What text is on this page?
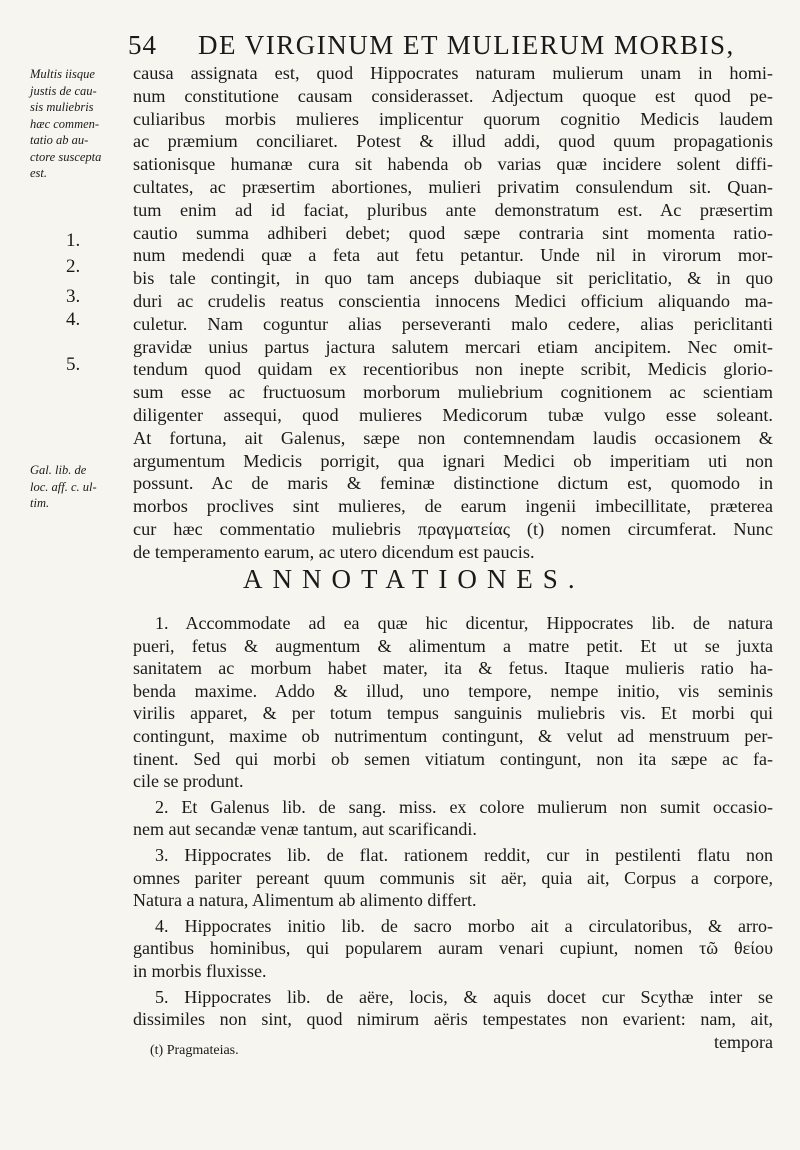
54 DE VIRGINUM ET MULIERUM MORBIS,
Multis iisque
justis de cau-
sis muliebris
hæc commen-
tatio ab au-
ctore suscepta
est.
1.
2.
3.
4.
5.
Gal. lib. de
loc. aff. c. ul-
tim.
causa assignata est, quod Hippocrates naturam mulierum unam in homi-
num constitutione causam considerasset. Adjectum quoque est quod pe-
culiaribus morbis mulieres implicentur quorum cognitio Medicis laudem
ac præmium conciliaret. Potest & illud addi, quod quum propagationis
sationisque humanæ cura sit habenda ob varias quæ incidere solent diffi-
cultates, ac præsertim abortiones, mulieri privatim consulendum sit. Quan-
tum enim ad id faciat, pluribus ante demonstratum est. Ac præsertim
cautio summa adhiberi debet; quod sæpe contraria sint momenta ratio-
num medendi quæ a feta aut fetu petantur. Unde nil in virorum mor-
bis tale contingit, in quo tam anceps dubiaque sit periclitatio, & in quo
duri ac crudelis reatus conscientia innocens Medici officium aliquando ma-
culetur. Nam coguntur alias perseveranti malo cedere, alias periclitanti
gravidæ unius partus jactura salutem mercari etiam ancipitem. Nec omit-
tendum quod quidam ex recentioribus non inepte scribit, Medicis glorio-
sum esse ac fructuosum morborum muliebrium cognitionem ac scientiam
diligenter assequi, quod mulieres Medicorum tubæ vulgo esse soleant.
At fortuna, ait Galenus, sæpe non contemnendam laudis occasionem &
argumentum Medicis porrigit, qua ignari Medici ob imperitiam uti non
possunt. Ac de maris & feminæ distinctione dictum est, quomodo in
morbos proclives sint mulieres, de earum ingenii imbecillitate, præterea
cur hæc commentatio muliebris πραγματείας (t) nomen circumferat. Nunc
de temperamento earum, ac utero dicendum est paucis.
ANNOTATIONES.
1. Accommodate ad ea quæ hic dicentur, Hippocrates lib. de natura
pueri, fetus & augmentum & alimentum a matre petit. Et ut se juxta
sanitatem ac morbum habet mater, ita & fetus. Itaque mulieris ratio ha-
benda maxime. Addo & illud, uno tempore, nempe initio, vis seminis
virilis apparet, & per totum tempus sanguinis muliebris vis. Et morbi qui
contingunt, maxime ob nutrimentum contingunt, & velut ad menstruum per-
tinent. Sed qui morbi ob semen vitiatum contingunt, non ita sæpe ac fa-
cile se produnt.
2. Et Galenus lib. de sang. miss. ex colore mulierum non sumit occasio-
nem aut secandæ venæ tantum, aut scarificandi.
3. Hippocrates lib. de flat. rationem reddit, cur in pestilenti flatu non
omnes pariter pereant quum communis sit aër, quia ait, Corpus a corpore,
Natura a natura, Alimentum ab alimento differt.
4. Hippocrates initio lib. de sacro morbo ait a circulatoribus, & arro-
gantibus hominibus, qui popularem auram venari cupiunt, nomen τῶ θείου
in morbis fluxisse.
5. Hippocrates lib. de aëre, locis, & aquis docet cur Scythæ inter se
dissimiles non sint, quod nimirum aëris tempestates non evarient: nam, ait,
tempora
(t) Pragmateias.
